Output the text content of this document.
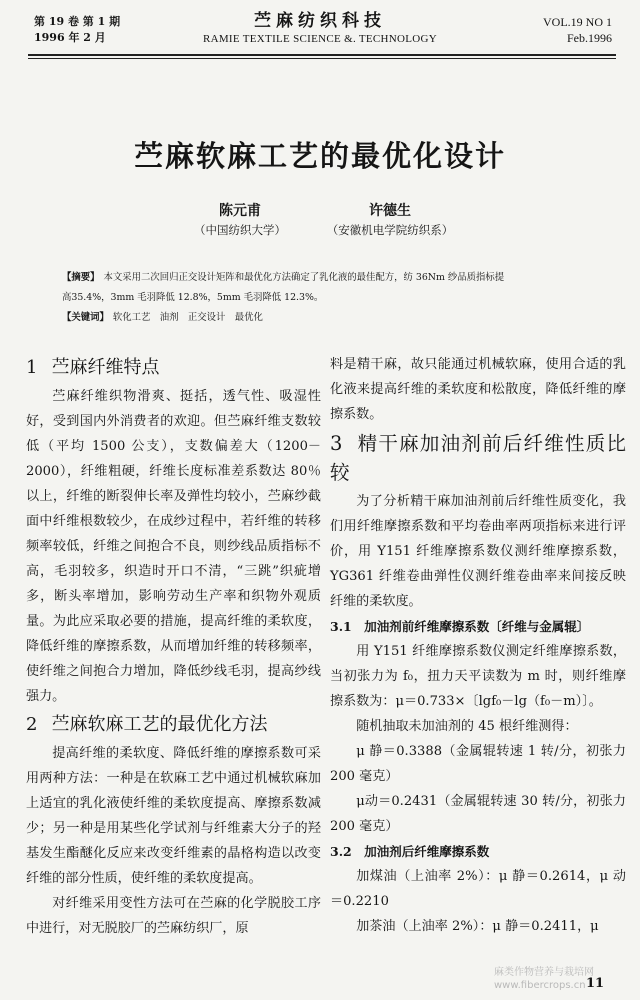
第 19 卷 第 1 期
1996 年 2 月
苎麻纺织科技
RAMIE TEXTILE SCIENCE &. TECHNOLOGY
VOL.19 NO 1
Feb.1996
苎麻软麻工艺的最优化设计
陈元甫
（中国纺织大学）
许德生
（安徽机电学院纺织系）

【摘要】 本文采用二次回归正交设计矩阵和最优化方法确定了乳化液的最佳配方，纺 36Nm 纱品质指标提

高35.4%，3mm 毛羽降低 12.8%，5mm 毛羽降低 12.3%。

【关键词】 软化工艺　油剂　正交设计　最优化

1 苎麻纤维特点

苎麻纤维织物滑爽、挺括，透气性、吸湿性好，受到国内外消费者的欢迎。但苎麻纤维支数较低（平均 1500 公支），支数偏差大（1200－2000），纤维粗硬，纤维长度标准差系数达 80％以上，纤维的断裂伸长率及弹性均较小，苎麻纱截面中纤维根数较少，在成纱过程中，若纤维的转移频率较低，纤维之间抱合不良，则纱线品质指标不高，毛羽较多，织造时开口不清，“三跳”织疵增多，断头率增加，影响劳动生产率和织物外观质量。为此应采取必要的措施，提高纤维的柔软度，降低纤维的摩擦系数，从而增加纤维的转移频率，使纤维之间抱合力增加，降低纱线毛羽，提高纱线强力。

2 苎麻软麻工艺的最优化方法

提高纤维的柔软度、降低纤维的摩擦系数可采用两种方法：一种是在软麻工艺中通过机械软麻加上适宜的乳化液使纤维的柔软度提高、摩擦系数减少；另一种是用某些化学试剂与纤维素大分子的羟基发生酯醚化反应来改变纤维素的晶格构造以改变纤维的部分性质，使纤维的柔软度提高。

对纤维采用变性方法可在苎麻的化学脱胶工序中进行，对无脱胶厂的苎麻纺织厂，原

料是精干麻，故只能通过机械软麻，使用合适的乳化液来提高纤维的柔软度和松散度，降低纤维的摩擦系数。

3 精干麻加油剂前后纤维性质比较

为了分析精干麻加油剂前后纤维性质变化，我们用纤维摩擦系数和平均卷曲率两项指标来进行评价，用 Y151 纤维摩擦系数仪测纤维摩擦系数，YG361 纤维卷曲弹性仪测纤维卷曲率来间接反映纤维的柔软度。

3.1　加油剂前纤维摩擦系数〔纤维与金属辊〕

用 Y151 纤维摩擦系数仪测定纤维摩擦系数，当初张力为 f₀，扭力天平读数为 m 时，则纤维摩擦系数为：μ＝0.733×〔lgf₀－lg（f₀－m）〕。

随机抽取未加油剂的 45 根纤维测得：

μ 静＝0.3388（金属辊转速 1 转/分，初张力 200 毫克）

μ动＝0.2431（金属辊转速 30 转/分，初张力 200 毫克）

3.2　加油剂后纤维摩擦系数

加煤油（上油率 2%）：μ 静＝0.2614，μ 动＝0.2210

加茶油（上油率 2%）：μ 静＝0.2411，μ

麻类作物营养与栽培网
www.fibercrops.cn 11
